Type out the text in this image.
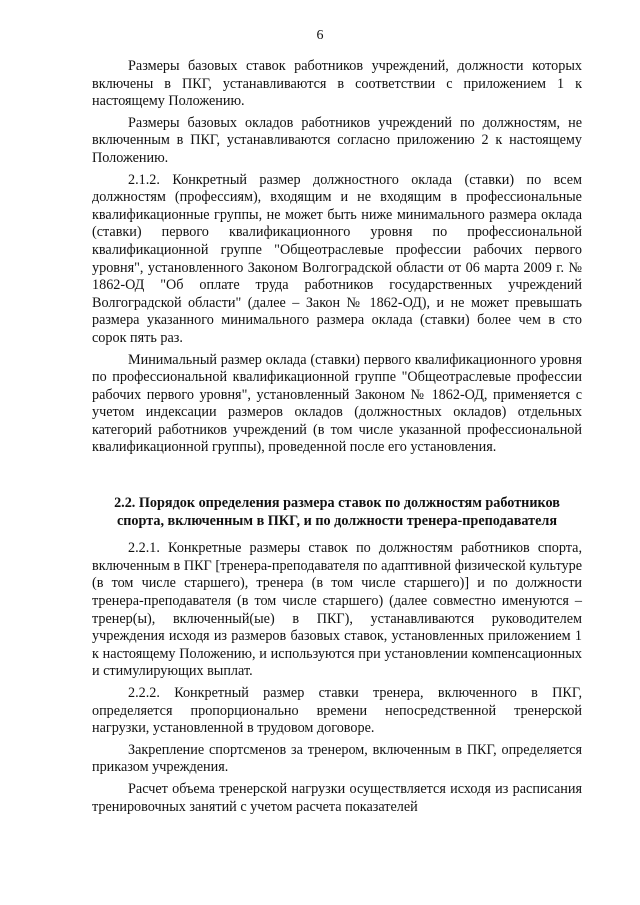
6

Размеры базовых ставок работников учреждений, должности которых включены в ПКГ, устанавливаются в соответствии с приложением 1 к настоящему Положению.

Размеры базовых окладов работников учреждений по должностям, не включенным в ПКГ, устанавливаются согласно приложению 2 к настоящему Положению.

2.1.2. Конкретный размер должностного оклада (ставки) по всем должностям (профессиям), входящим и не входящим в профессиональные квалификационные группы, не может быть ниже минимального размера оклада (ставки) первого квалификационного уровня по профессиональной квалификационной группе "Общеотраслевые профессии рабочих первого уровня", установленного Законом Волгоградской области от 06 марта 2009 г. № 1862-ОД "Об оплате труда работников государственных учреждений Волгоградской области" (далее – Закон № 1862-ОД), и не может превышать размера указанного минимального размера оклада (ставки) более чем в сто сорок пять раз.

Минимальный размер оклада (ставки) первого квалификационного уровня по профессиональной квалификационной группе "Общеотраслевые профессии рабочих первого уровня", установленный Законом № 1862-ОД, применяется с учетом индексации размеров окладов (должностных окладов) отдельных категорий работников учреждений (в том числе указанной профессиональной квалификационной группы), проведенной после его установления.

2.2. Порядок определения размера ставок по должностям работников спорта, включенным в ПКГ, и по должности тренера-преподавателя

2.2.1. Конкретные размеры ставок по должностям работников спорта, включенным в ПКГ [тренера-преподавателя по адаптивной физической культуре (в том числе старшего), тренера (в том числе старшего)] и по должности тренера-преподавателя (в том числе старшего) (далее совместно именуются – тренер(ы), включенный(ые) в ПКГ), устанавливаются руководителем учреждения исходя из размеров базовых ставок, установленных приложением 1 к настоящему Положению, и используются при установлении компенсационных и стимулирующих выплат.

2.2.2. Конкретный размер ставки тренера, включенного в ПКГ, определяется пропорционально времени непосредственной тренерской нагрузки, установленной в трудовом договоре.

Закрепление спортсменов за тренером, включенным в ПКГ, определяется приказом учреждения.

Расчет объема тренерской нагрузки осуществляется исходя из расписания тренировочных занятий с учетом расчета показателей
